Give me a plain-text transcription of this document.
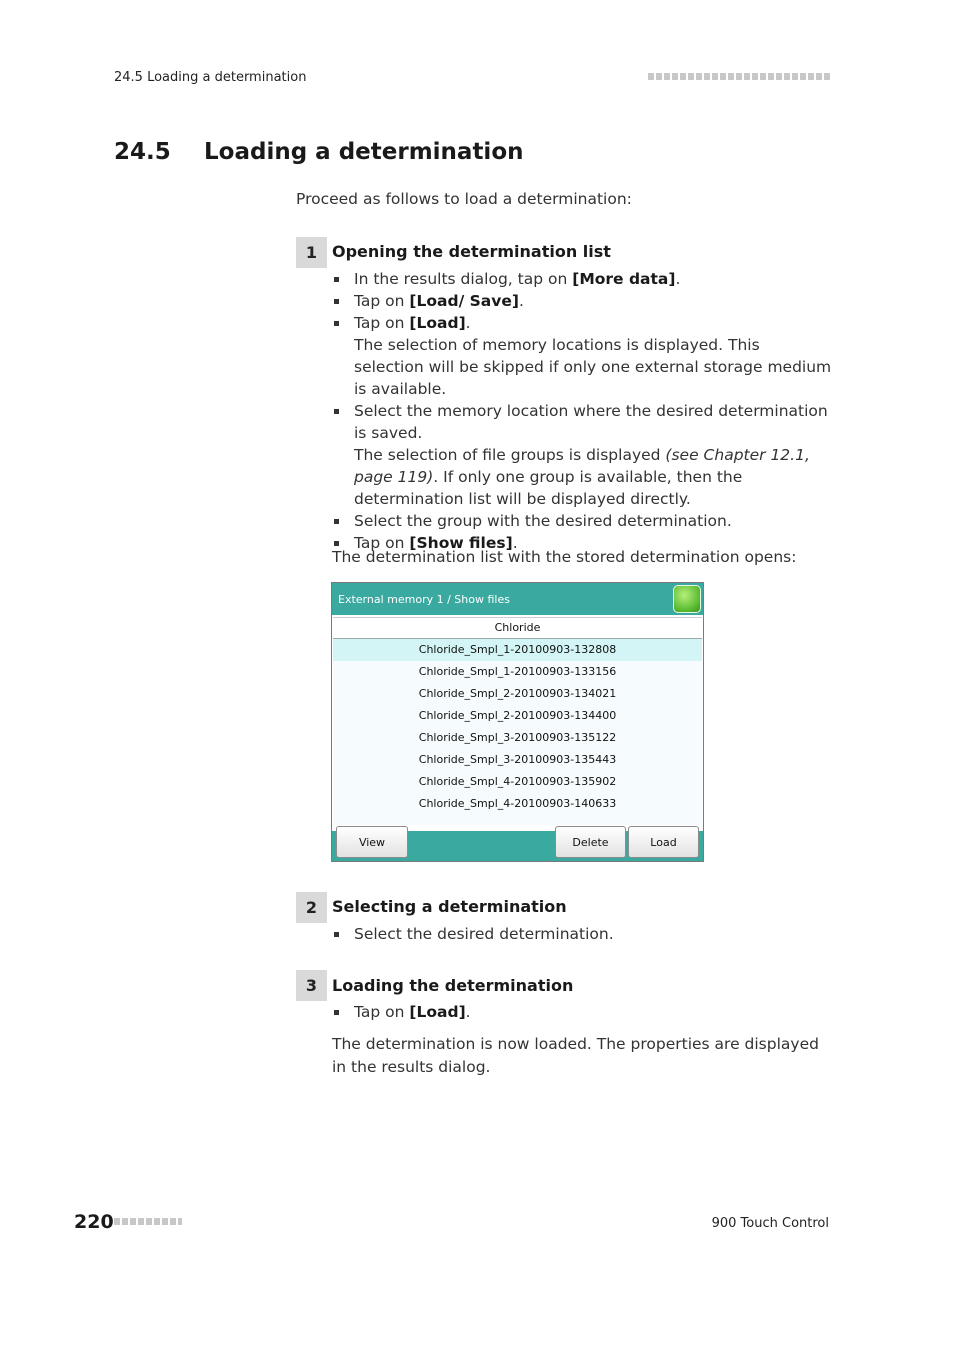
24.5 Loading a determination
24.5 Loading a determination
Proceed as follows to load a determination:
1 Opening the determination list
In the results dialog, tap on [More data].
Tap on [Load/ Save].
Tap on [Load].
The selection of memory locations is displayed. This selection will be skipped if only one external storage medium is available.
Select the memory location where the desired determination is saved.
The selection of file groups is displayed (see Chapter 12.1, page 119). If only one group is available, then the determination list will be displayed directly.
Select the group with the desired determination.
Tap on [Show files].
The determination list with the stored determination opens:
External memory 1 / Show files
Chloride
Chloride_Smpl_1-20100903-132808
Chloride_Smpl_1-20100903-133156
Chloride_Smpl_2-20100903-134021
Chloride_Smpl_2-20100903-134400
Chloride_Smpl_3-20100903-135122
Chloride_Smpl_3-20100903-135443
Chloride_Smpl_4-20100903-135902
Chloride_Smpl_4-20100903-140633
View	Delete	Load
2 Selecting a determination
Select the desired determination.
3 Loading the determination
Tap on [Load].
The determination is now loaded. The properties are displayed in the results dialog.
220	900 Touch Control
